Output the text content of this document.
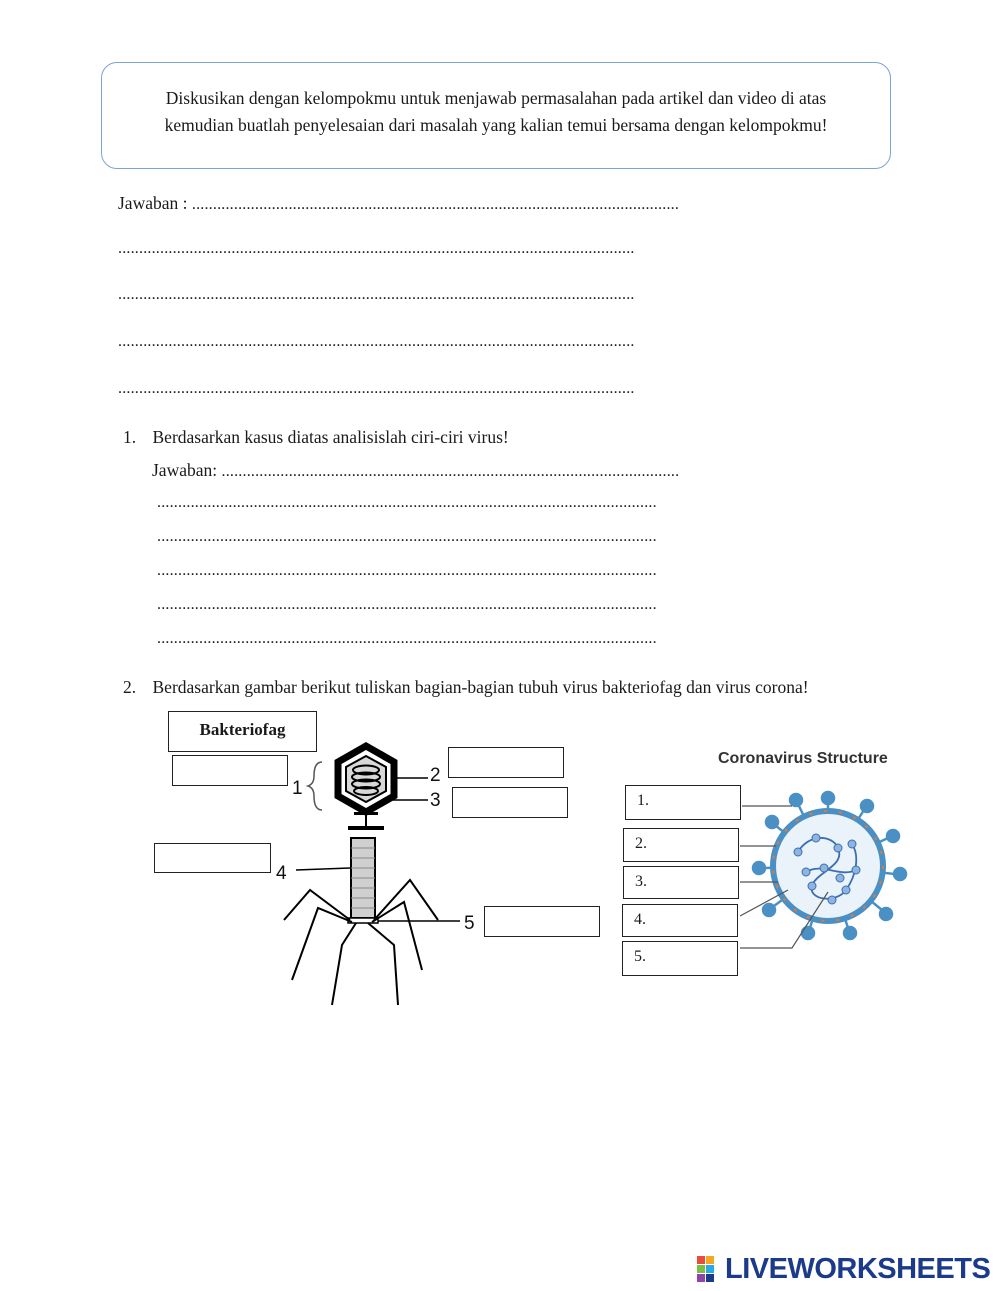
Diskusikan dengan kelompokmu untuk menjawab permasalahan pada artikel dan video di atas
kemudian buatlah penyelesaian dari masalah yang kalian temui bersama dengan kelompokmu!
Jawaban : ....................................................................................................................
...........................................................................................................................
...........................................................................................................................
...........................................................................................................................
...........................................................................................................................
1. Berdasarkan kasus diatas analisislah ciri-ciri virus!
Jawaban: .............................................................................................................
.......................................................................................................................
.......................................................................................................................
.......................................................................................................................
.......................................................................................................................
.......................................................................................................................
2. Berdasarkan gambar berikut tuliskan bagian-bagian tubuh virus bakteriofag dan virus corona!
Bakteriofag
1
2
3
4
5
Coronavirus Structure
1.
2.
3.
4.
5.
LIVEWORKSHEETS
